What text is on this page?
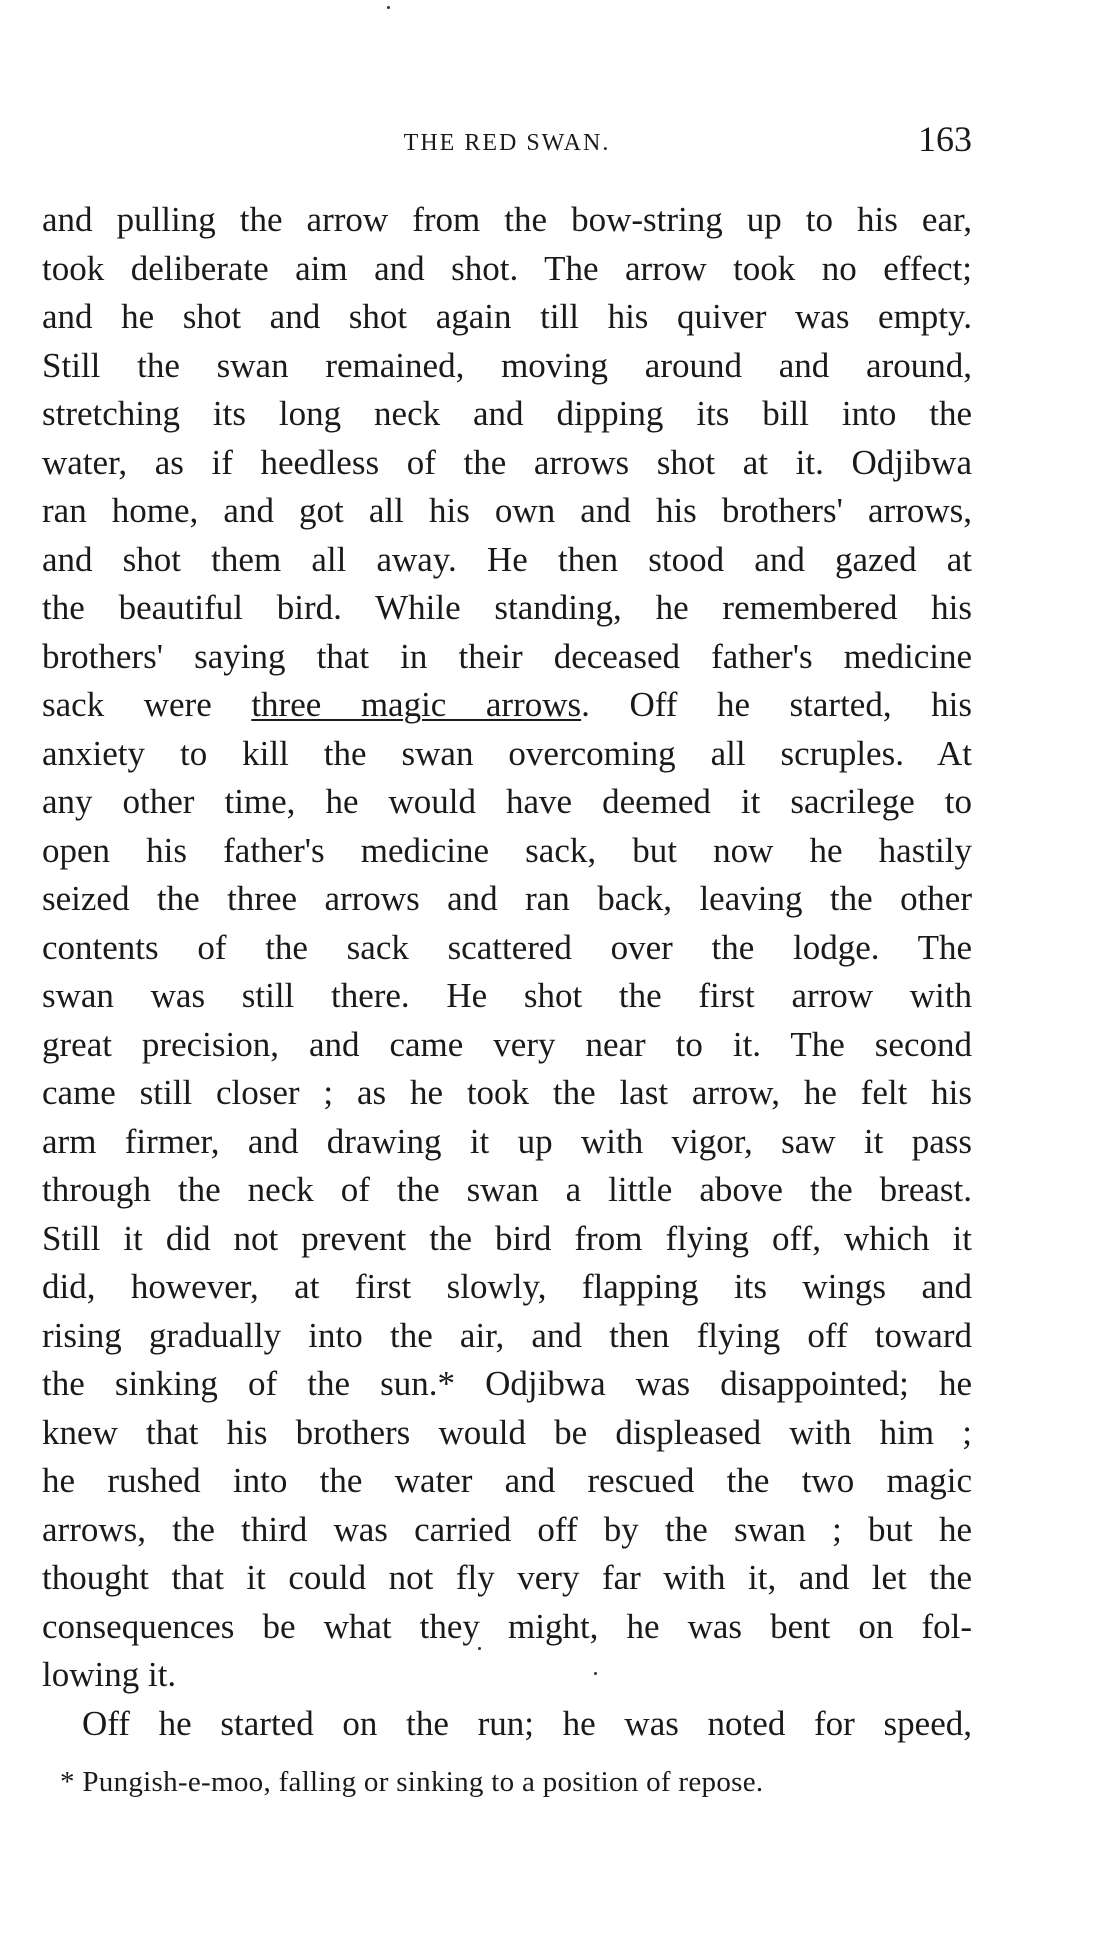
THE RED SWAN.	163
and pulling the arrow from the bow-string up to his ear,
took deliberate aim and shot. The arrow took no effect;
and he shot and shot again till his quiver was empty.
Still the swan remained, moving around and around,
stretching its long neck and dipping its bill into the
water, as if heedless of the arrows shot at it. Odjibwa
ran home, and got all his own and his brothers' arrows,
and shot them all away. He then stood and gazed at
the beautiful bird. While standing, he remembered his
brothers' saying that in their deceased father's medicine
sack were three magic arrows. Off he started, his
anxiety to kill the swan overcoming all scruples. At
any other time, he would have deemed it sacrilege to
open his father's medicine sack, but now he hastily
seized the three arrows and ran back, leaving the other
contents of the sack scattered over the lodge. The
swan was still there. He shot the first arrow with
great precision, and came very near to it. The second
came still closer ; as he took the last arrow, he felt his
arm firmer, and drawing it up with vigor, saw it pass
through the neck of the swan a little above the breast.
Still it did not prevent the bird from flying off, which it
did, however, at first slowly, flapping its wings and
rising gradually into the air, and then flying off toward
the sinking of the sun.* Odjibwa was disappointed; he
knew that his brothers would be displeased with him ;
he rushed into the water and rescued the two magic
arrows, the third was carried off by the swan ; but he
thought that it could not fly very far with it, and let the
consequences be what they might, he was bent on fol-
lowing it.
Off he started on the run; he was noted for speed,
* Pungish-e-moo, falling or sinking to a position of repose.
